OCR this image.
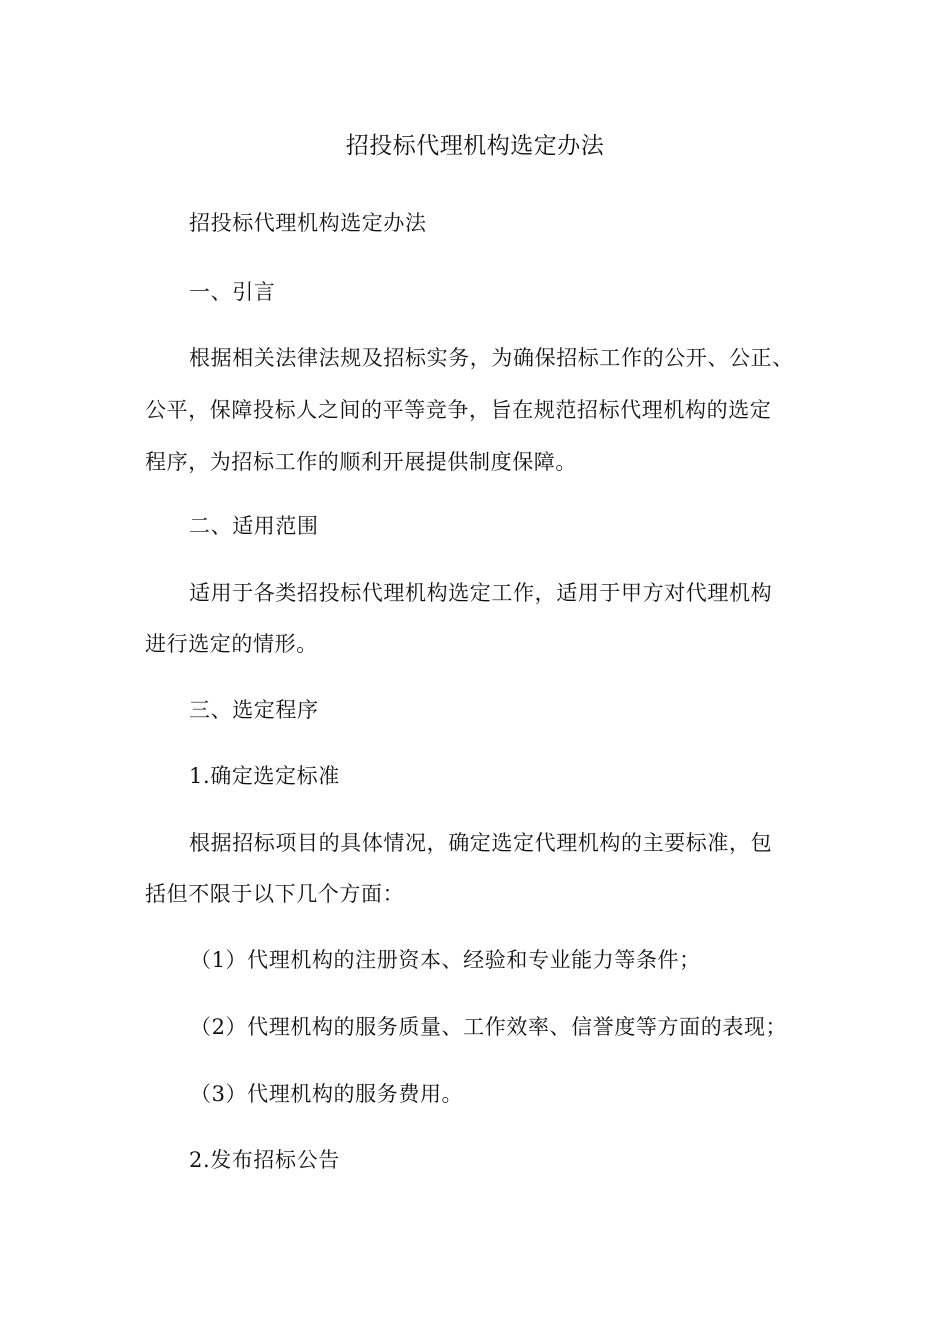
招投标代理机构选定办法
招投标代理机构选定办法
一、引言
根据相关法律法规及招标实务，为确保招标工作的公开、公正、
公平，保障投标人之间的平等竞争，旨在规范招标代理机构的选定
程序，为招标工作的顺利开展提供制度保障。
二、适用范围
适用于各类招投标代理机构选定工作，适用于甲方对代理机构
进行选定的情形。
三、选定程序
1.确定选定标准
根据招标项目的具体情况，确定选定代理机构的主要标准，包
括但不限于以下几个方面：
（1）代理机构的注册资本、经验和专业能力等条件；
（2）代理机构的服务质量、工作效率、信誉度等方面的表现；
（3）代理机构的服务费用。
2.发布招标公告
